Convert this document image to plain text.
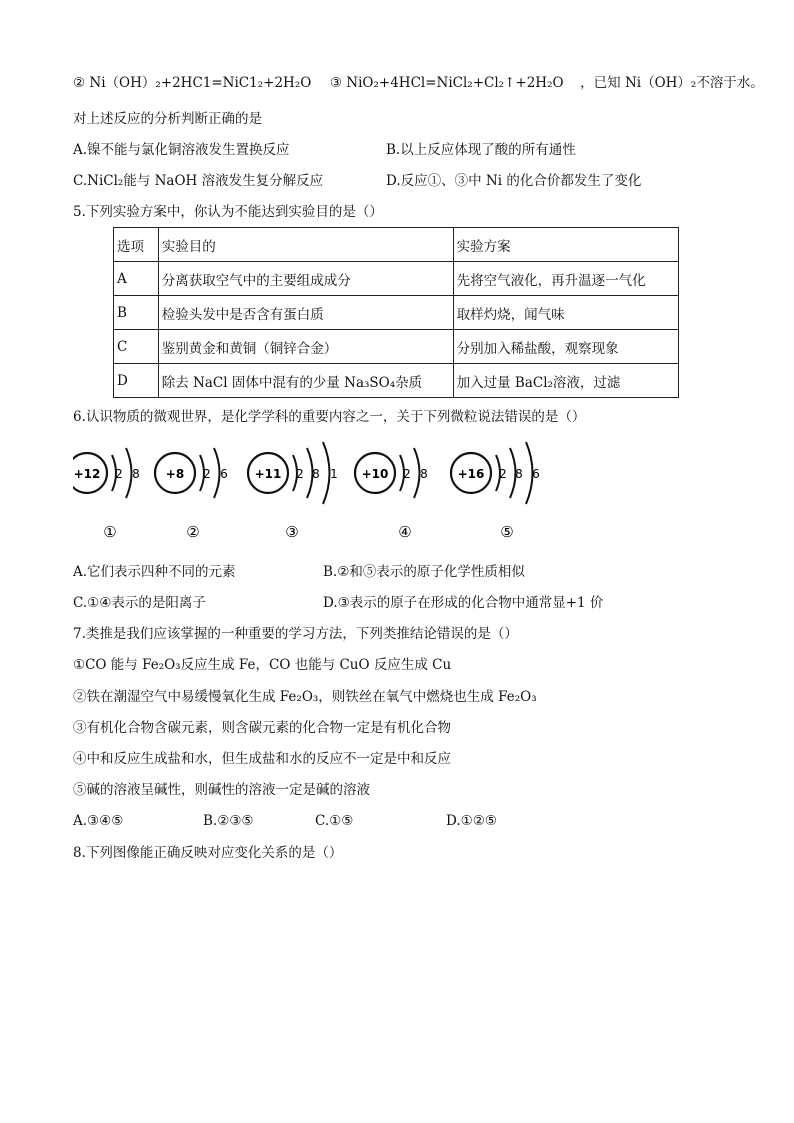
② Ni（OH）₂+2HC1=NiC1₂+2H₂O ③ NiO₂+4HCl=NiCl₂+Cl₂↑+2H₂O ，已知 Ni（OH）₂不溶于水。
对上述反应的分析判断正确的是
A.镍不能与氯化铜溶液发生置换反应	B.以上反应体现了酸的所有通性
C.NiCl₂能与 NaOH 溶液发生复分解反应	D.反应①、③中 Ni 的化合价都发生了变化
5.下列实验方案中，你认为不能达到实验目的是（）
选项	实验目的	实验方案
A	分离获取空气中的主要组成成分	先将空气液化，再升温逐一气化
B	检验头发中是否含有蛋白质	取样灼烧，闻气味
C	鉴别黄金和黄铜（铜锌合金）	分别加入稀盐酸，观察现象
D	除去 NaCl 固体中混有的少量 Na₃SO₄杂质	加入过量 BaCl₂溶液，过滤
6.认识物质的微观世界，是化学学科的重要内容之一，关于下列微粒说法错误的是（）
+12 2 8
①
+8 2 6
②
+11 2 8 1
③
+10 2 8
④
+16 2 8 6
⑤
A.它们表示四种不同的元素	B.②和⑤表示的原子化学性质相似
C.①④表示的是阳离子	D.③表示的原子在形成的化合物中通常显+1 价
7.类推是我们应该掌握的一种重要的学习方法，下列类推结论错误的是（）
①CO 能与 Fe₂O₃反应生成 Fe，CO 也能与 CuO 反应生成 Cu
②铁在潮湿空气中易缓慢氧化生成 Fe₂O₃，则铁丝在氧气中燃烧也生成 Fe₂O₃
③有机化合物含碳元素，则含碳元素的化合物一定是有机化合物
④中和反应生成盐和水，但生成盐和水的反应不一定是中和反应
⑤碱的溶液呈碱性，则碱性的溶液一定是碱的溶液
A.③④⑤	B.②③⑤	C.①⑤	D.①②⑤
8.下列图像能正确反映对应变化关系的是（）
